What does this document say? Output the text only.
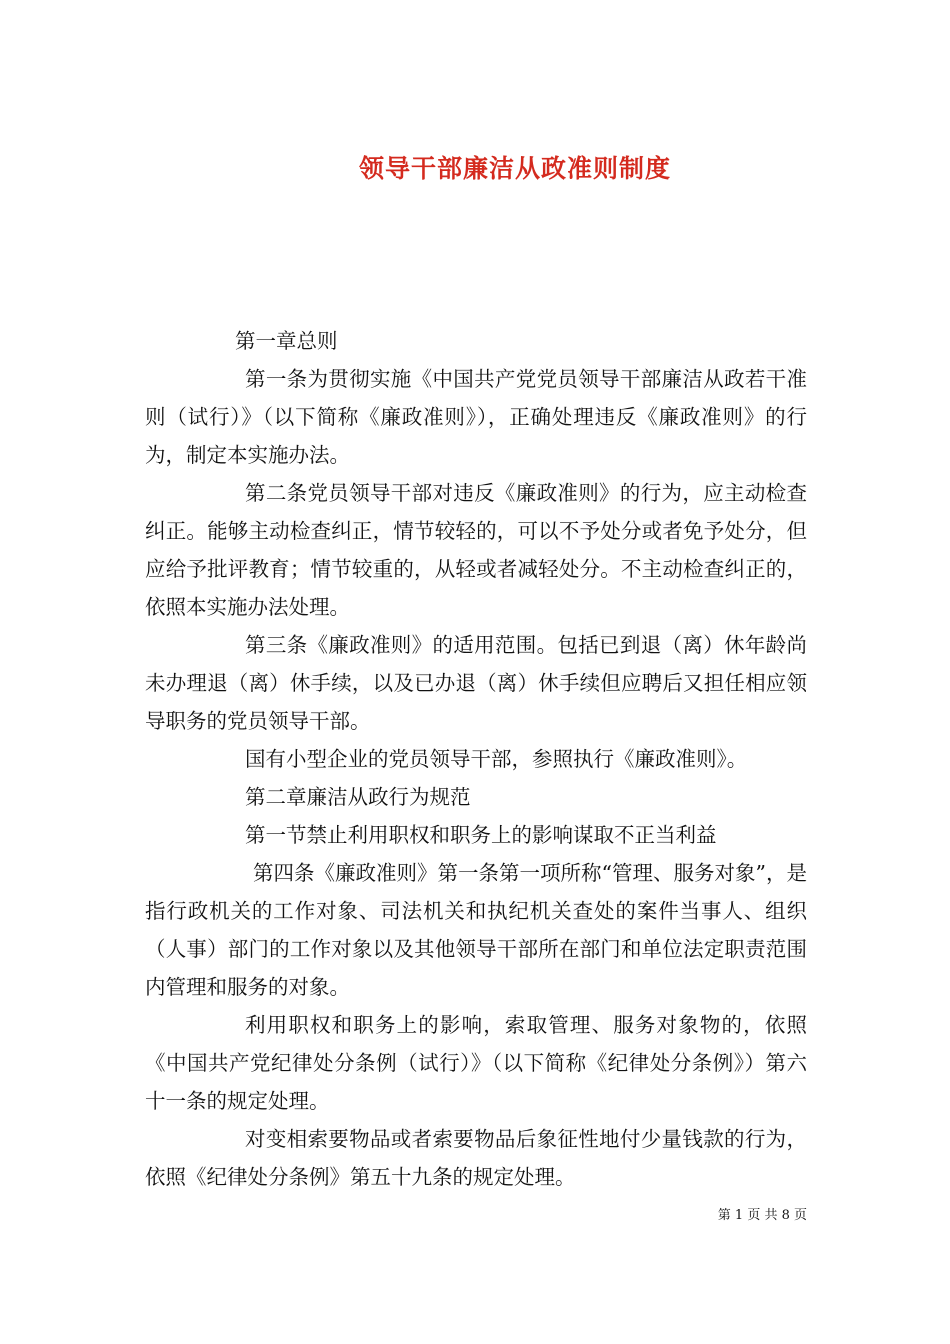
领导干部廉洁从政准则制度

第一章总则

第一条为贯彻实施《中国共产党党员领导干部廉洁从政若干准则（试行）》（以下简称《廉政准则》），正确处理违反《廉政准则》的行为，制定本实施办法。

第二条党员领导干部对违反《廉政准则》的行为，应主动检查纠正。能够主动检查纠正，情节较轻的，可以不予处分或者免予处分，但应给予批评教育；情节较重的，从轻或者减轻处分。不主动检查纠正的，依照本实施办法处理。

第三条《廉政准则》的适用范围。包括已到退（离）休年龄尚未办理退（离）休手续，以及已办退（离）休手续但应聘后又担任相应领导职务的党员领导干部。

国有小型企业的党员领导干部，参照执行《廉政准则》。

第二章廉洁从政行为规范

第一节禁止利用职权和职务上的影响谋取不正当利益

第四条《廉政准则》第一条第一项所称“管理、服务对象”，是指行政机关的工作对象、司法机关和执纪机关查处的案件当事人、组织（人事）部门的工作对象以及其他领导干部所在部门和单位法定职责范围内管理和服务的对象。

利用职权和职务上的影响，索取管理、服务对象物的，依照《中国共产党纪律处分条例（试行）》（以下简称《纪律处分条例》）第六十一条的规定处理。

对变相索要物品或者索要物品后象征性地付少量钱款的行为，依照《纪律处分条例》第五十九条的规定处理。

第 1 页 共 8 页
